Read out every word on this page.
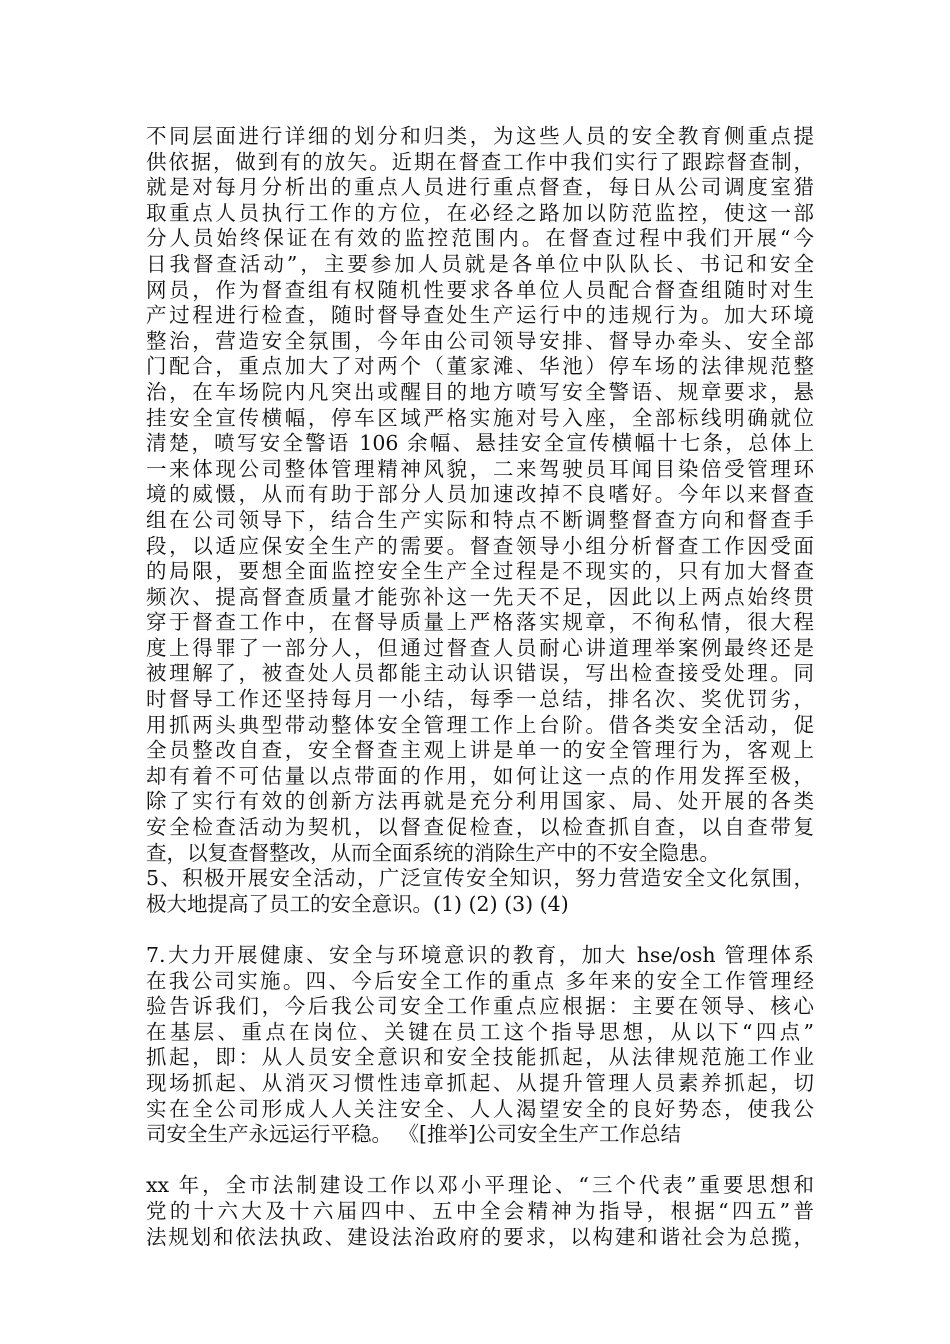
不同层面进行详细的划分和归类，为这些人员的安全教育侧重点提
供依据，做到有的放矢。近期在督查工作中我们实行了跟踪督查制，
就是对每月分析出的重点人员进行重点督查，每日从公司调度室猎
取重点人员执行工作的方位，在必经之路加以防范监控，使这一部
分人员始终保证在有效的监控范围内。在督查过程中我们开展“今
日我督查活动”，主要参加人员就是各单位中队队长、书记和安全
网员，作为督查组有权随机性要求各单位人员配合督查组随时对生
产过程进行检查，随时督导查处生产运行中的违规行为。加大环境
整治，营造安全氛围，今年由公司领导安排、督导办牵头、安全部
门配合，重点加大了对两个（董家滩、华池）停车场的法律规范整
治，在车场院内凡突出或醒目的地方喷写安全警语、规章要求，悬
挂安全宣传横幅，停车区域严格实施对号入座，全部标线明确就位
清楚，喷写安全警语 106 余幅、悬挂安全宣传横幅十七条，总体上
一来体现公司整体管理精神风貌，二来驾驶员耳闻目染倍受管理环
境的威慑，从而有助于部分人员加速改掉不良嗜好。今年以来督查
组在公司领导下，结合生产实际和特点不断调整督查方向和督查手
段，以适应保安全生产的需要。督查领导小组分析督查工作因受面
的局限，要想全面监控安全生产全过程是不现实的，只有加大督查
频次、提高督查质量才能弥补这一先天不足，因此以上两点始终贯
穿于督查工作中，在督导质量上严格落实规章，不徇私情，很大程
度上得罪了一部分人，但通过督查人员耐心讲道理举案例最终还是
被理解了，被查处人员都能主动认识错误，写出检查接受处理。同
时督导工作还坚持每月一小结，每季一总结，排名次、奖优罚劣，
用抓两头典型带动整体安全管理工作上台阶。借各类安全活动，促
全员整改自查，安全督查主观上讲是单一的安全管理行为，客观上
却有着不可估量以点带面的作用，如何让这一点的作用发挥至极，
除了实行有效的创新方法再就是充分利用国家、局、处开展的各类
安全检查活动为契机，以督查促检查，以检查抓自查，以自查带复
查，以复查督整改，从而全面系统的消除生产中的不安全隐患。
5、积极开展安全活动，广泛宣传安全知识，努力营造安全文化氛围，
极大地提高了员工的安全意识。(1) (2) (3) (4)
7.大力开展健康、安全与环境意识的教育，加大 hse/osh 管理体系
在我公司实施。四、今后安全工作的重点 多年来的安全工作管理经
验告诉我们，今后我公司安全工作重点应根据：主要在领导、核心
在基层、重点在岗位、关键在员工这个指导思想，从以下“四点”
抓起，即：从人员安全意识和安全技能抓起，从法律规范施工作业
现场抓起、从消灭习惯性违章抓起、从提升管理人员素养抓起，切
实在全公司形成人人关注安全、人人渴望安全的良好势态，使我公
司安全生产永远运行平稳。 《[推举]公司安全生产工作总结
xx 年，全市法制建设工作以邓小平理论、“三个代表”重要思想和
党的十六大及十六届四中、五中全会精神为指导，根据“四五”普
法规划和依法执政、建设法治政府的要求，以构建和谐社会为总揽，
